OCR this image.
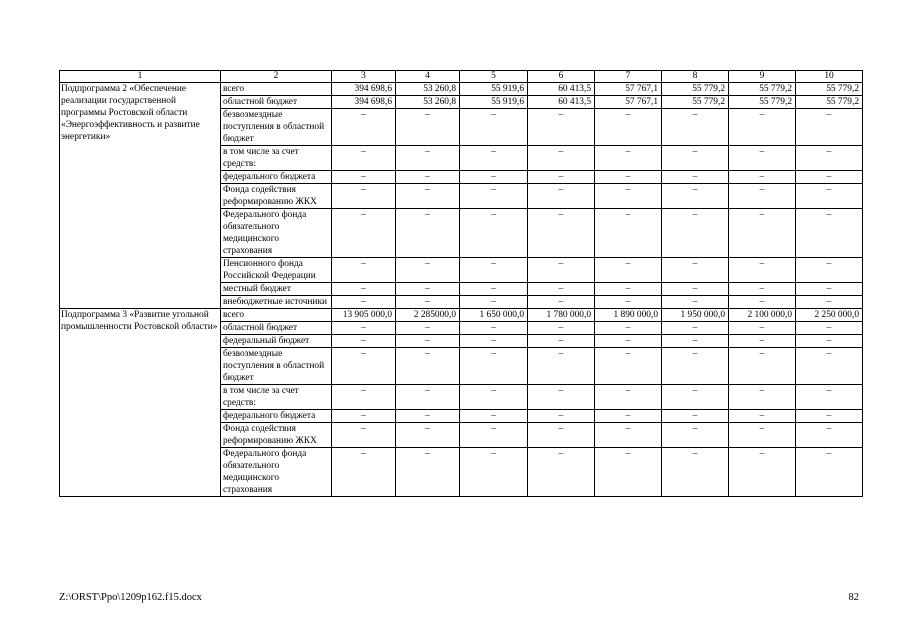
1	2	3	4	5	6	7	8	9	10
Подпрограмма 2 «Обеспечение реализации государственной программы Ростовской области «Энергоэффективность и развитие энергетики»	всего	394 698,6	53 260,8	55 919,6	60 413,5	57 767,1	55 779,2	55 779,2	55 779,2
	областной бюджет	394 698,6	53 260,8	55 919,6	60 413,5	57 767,1	55 779,2	55 779,2	55 779,2
	безвозмездные поступления в областной бюджет	–	–	–	–	–	–	–	–
	в том числе за счет средств:	–	–	–	–	–	–	–	–
	федерального бюджета	–	–	–	–	–	–	–	–
	Фонда содействия реформированию ЖКХ	–	–	–	–	–	–	–	–
	Федерального фонда обязательного медицинского страхования	–	–	–	–	–	–	–	–
	Пенсионного фонда Российской Федерации	–	–	–	–	–	–	–	–
	местный бюджет	–	–	–	–	–	–	–	–
	внебюджетные источники	–	–	–	–	–	–	–	–
Подпрограмма 3 «Развитие угольной промышленности Ростовской области»	всего	13 905 000,0	2 285000,0	1 650 000,0	1 780 000,0	1 890 000,0	1 950 000,0	2 100 000,0	2 250 000,0
	областной бюджет	–	–	–	–	–	–	–	–
	федеральный бюджет	–	–	–	–	–	–	–	–
	безвозмездные поступления в областной бюджет	–	–	–	–	–	–	–	–
	в том числе за счет средств:	–	–	–	–	–	–	–	–
	федерального бюджета	–	–	–	–	–	–	–	–
	Фонда содействия реформированию ЖКХ	–	–	–	–	–	–	–	–
	Федерального фонда обязательного медицинского страхования	–	–	–	–	–	–	–	–
Z:\ORST\Ppo\1209p162.f15.docx	82
